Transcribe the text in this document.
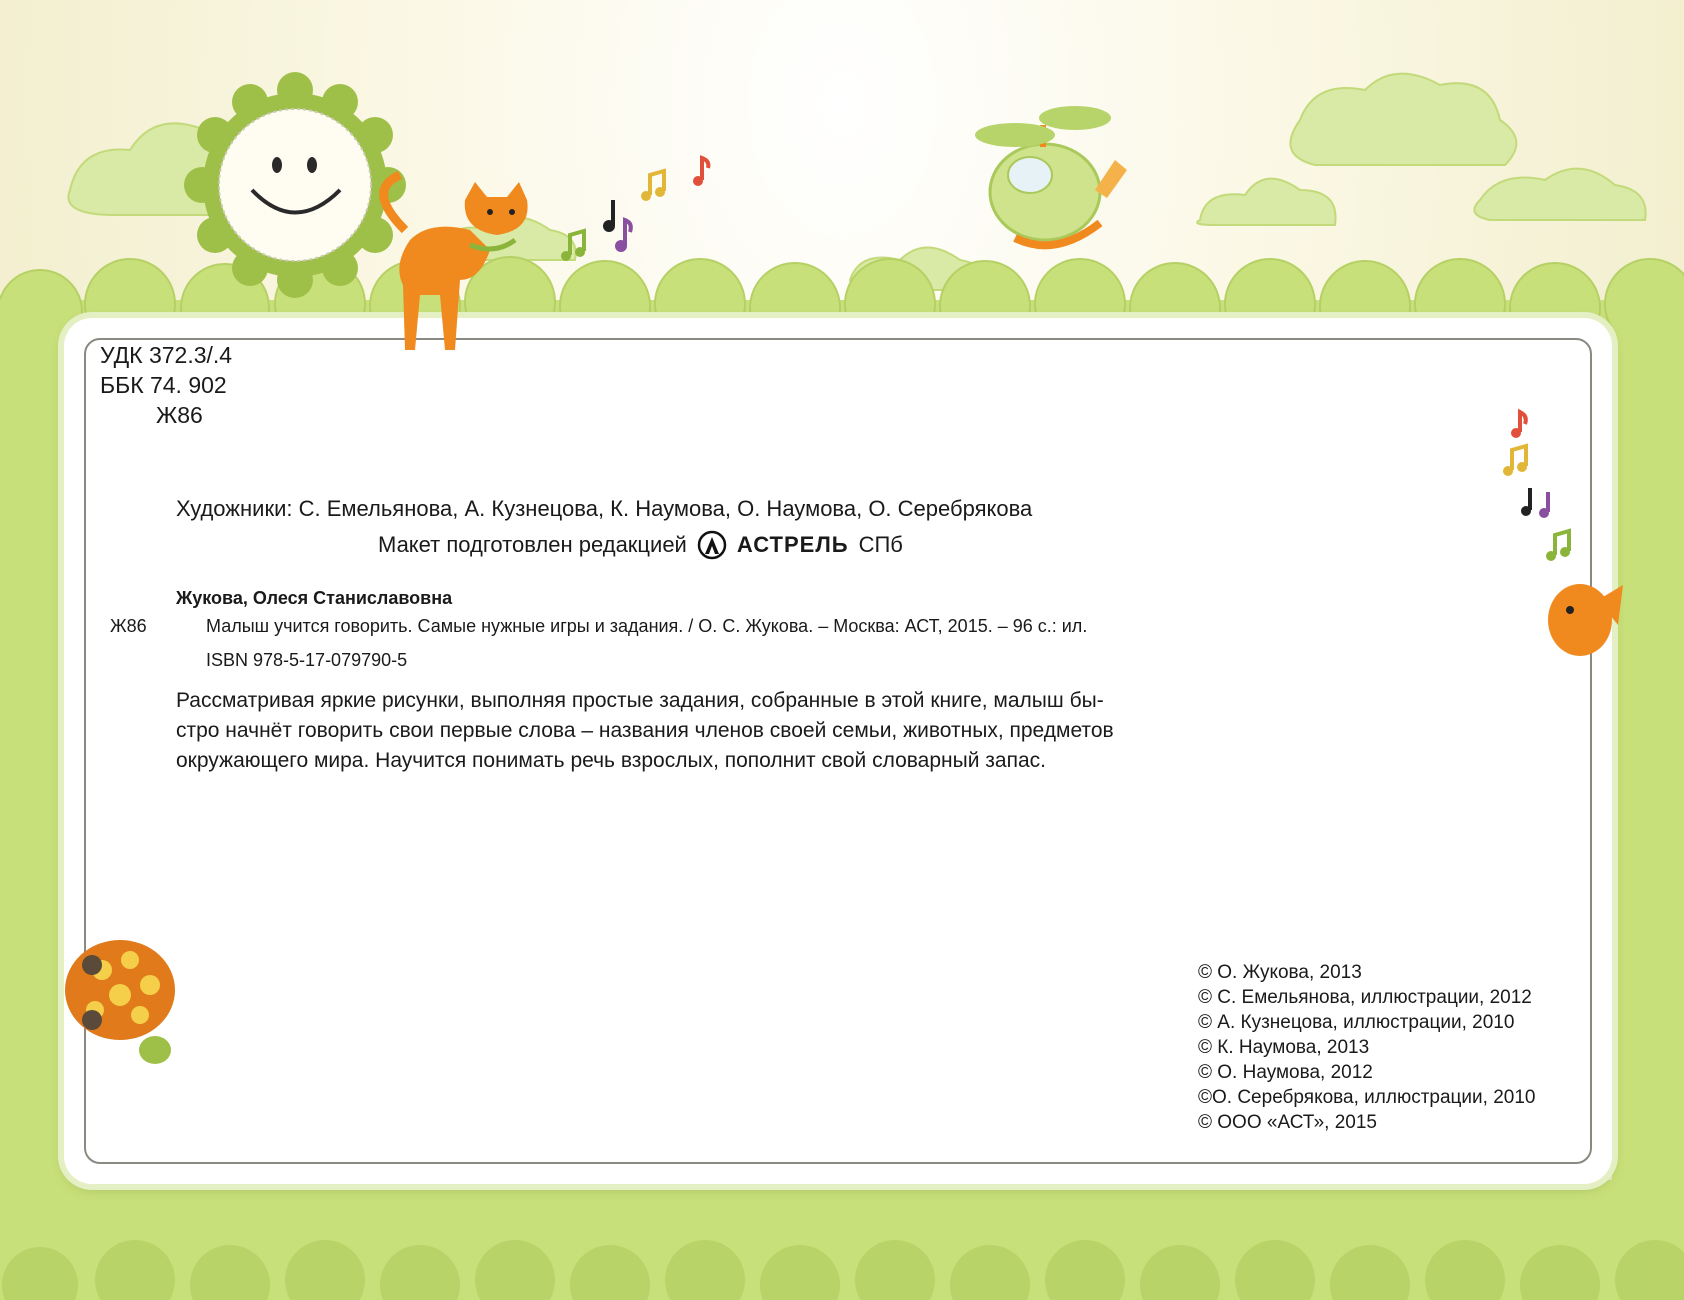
УДК 372.3/.4
ББК 74. 902
Ж86
Художники: С. Емельянова, А. Кузнецова, К. Наумова, О. Наумова, О. Серебрякова
Макет подготовлен редакцией АСТРЕЛЬ СПб
Жукова, Олеся Станиславовна
Ж86	Малыш учится говорить. Самые нужные игры и задания. / О. С. Жукова. – Москва: АСТ, 2015. – 96 с.: ил.
ISBN 978-5-17-079790-5
Рассматривая яркие рисунки, выполняя простые задания, собранные в этой книге, малыш бы-
стро начнёт говорить свои первые слова – названия членов своей семьи, животных, предметов
окружающего мира. Научится понимать речь взрослых, пополнит свой словарный запас.
© О. Жукова, 2013
© С. Емельянова, иллюстрации, 2012
© А. Кузнецова, иллюстрации, 2010
© К. Наумова, 2013
© О. Наумова, 2012
©О. Серебрякова, иллюстрации, 2010
© ООО «АСТ», 2015
